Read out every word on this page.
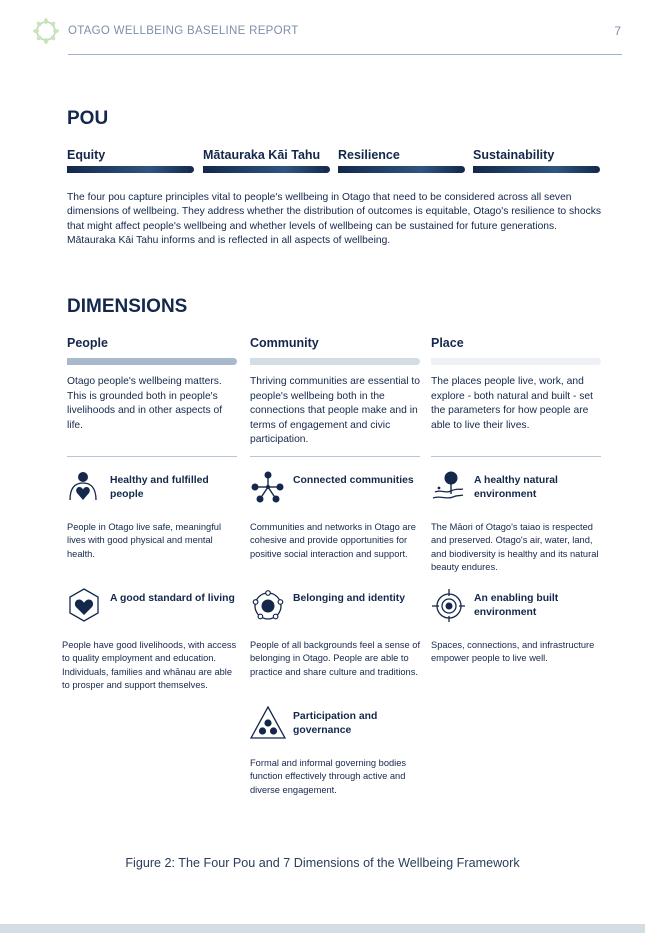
OTAGO WELLBEING BASELINE REPORT	7
POU
Equity	Mātauraka Kāi Tahu	Resilience	Sustainability

The four pou capture principles vital to people's wellbeing in Otago that need to be considered across all seven dimensions of wellbeing. They address whether the distribution of outcomes is equitable, Otago's resilience to shocks that might affect people's wellbeing and whether levels of wellbeing can be sustained for future generations. Mātauraka Kāi Tahu informs and is reflected in all aspects of wellbeing.

DIMENSIONS
People

Otago people's wellbeing matters. This is grounded both in people's livelihoods and in other aspects of life.

Community

Thriving communities are essential to people's wellbeing both in the connections that people make and in terms of engagement and civic participation.

Place

The places people live, work, and explore - both natural and built - set the parameters for how people are able to live their lives.

Healthy and fulfilled people

People in Otago live safe, meaningful lives with good physical and mental health.

Connected communities

Communities and networks in Otago are cohesive and provide opportunities for positive social interaction and support.

A healthy natural environment

The Māori of Otago's taiao is respected and preserved. Otago's air, water, land, and biodiversity is healthy and its natural beauty endures.

A good standard of living

People have good livelihoods, with access to quality employment and education. Individuals, families and whānau are able to prosper and support themselves.

Belonging and identity

People of all backgrounds feel a sense of belonging in Otago. People are able to practice and share culture and traditions.

An enabling built environment

Spaces, connections, and infrastructure empower people to live well.

Participation and governance

Formal and informal governing bodies function effectively through active and diverse engagement.

Figure 2: The Four Pou and 7 Dimensions of the Wellbeing Framework
